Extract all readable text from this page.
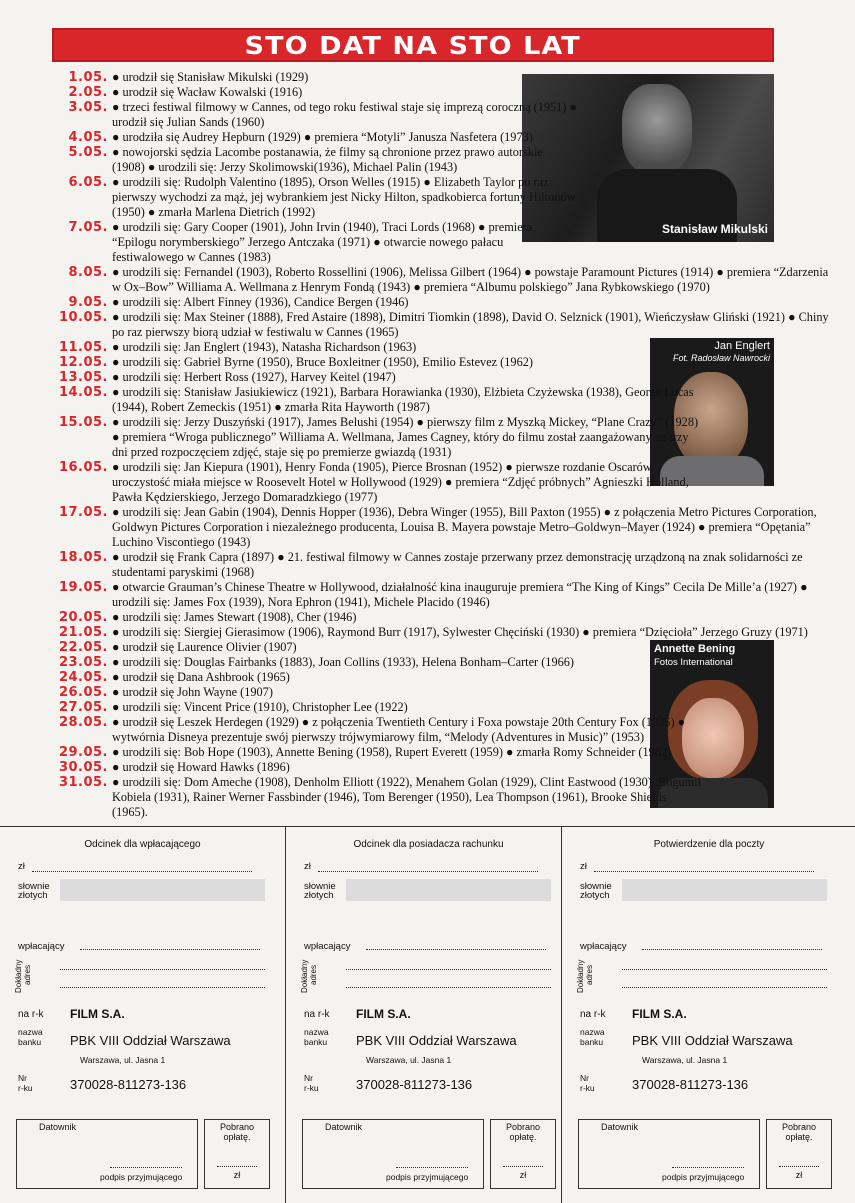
STO DAT NA STO LAT
Stanisław Mikulski
Jan Englert
Fot. Radosław Nawrocki
Annette Bening
Fotos International
1.05. ● urodził się Stanisław Mikulski (1929)
2.05. ● urodził się Wacław Kowalski (1916)
3.05. ● trzeci festiwal filmowy w Cannes, od tego roku festiwal staje się imprezą coroczną (1951) ● urodził się Julian Sands (1960)
4.05. ● urodziła się Audrey Hepburn (1929) ● premiera “Motyli” Janusza Nasfetera (1973)
5.05. ● nowojorski sędzia Lacombe postanawia, że filmy są chronione przez prawo autorskie (1908) ● urodzili się: Jerzy Skolimowski(1936), Michael Palin (1943)
6.05. ● urodzili się: Rudolph Valentino (1895), Orson Welles (1915) ● Elizabeth Taylor po raz pierwszy wychodzi za mąż, jej wybrankiem jest Nicky Hilton, spadkobierca fortuny Hiltonów (1950) ● zmarła Marlena Dietrich (1992)
7.05. ● urodzili się: Gary Cooper (1901), John Irvin (1940), Traci Lords (1968) ● premiera “Epilogu norymberskiego” Jerzego Antczaka (1971) ● otwarcie nowego pałacu festiwalowego w Cannes (1983)
8.05. ● urodzili się: Fernandel (1903), Roberto Rossellini (1906), Melissa Gilbert (1964) ● powstaje Paramount Pictures (1914) ● premiera “Zdarzenia w Ox–Bow” Williama A. Wellmana z Henrym Fondą (1943) ● premiera “Albumu polskiego” Jana Rybkowskiego (1970)
9.05. ● urodzili się: Albert Finney (1936), Candice Bergen (1946)
10.05. ● urodzili się: Max Steiner (1888), Fred Astaire (1898), Dimitri Tiomkin (1898), David O. Selznick (1901), Wieńczysław Gliński (1921) ● Chiny po raz pierwszy biorą udział w festiwalu w Cannes (1965)
11.05. ● urodzili się: Jan Englert (1943), Natasha Richardson (1963)
12.05. ● urodzili się: Gabriel Byrne (1950), Bruce Boxleitner (1950), Emilio Estevez (1962)
13.05. ● urodzili się: Herbert Ross (1927), Harvey Keitel (1947)
14.05. ● urodzili się: Stanisław Jasiukiewicz (1921), Barbara Horawianka (1930), Elżbieta Czyżewska (1938), George Lucas (1944), Robert Zemeckis (1951) ● zmarła Rita Hayworth (1987)
15.05. ● urodzili się: Jerzy Duszyński (1917), James Belushi (1954) ● pierwszy film z Myszką Mickey, “Plane Crazy” (1928) ● premiera “Wroga publicznego” Williama A. Wellmana, James Cagney, który do filmu został zaangażowany na trzy dni przed rozpoczęciem zdjęć, staje się po premierze gwiazdą (1931)
16.05. ● urodzili się: Jan Kiepura (1901), Henry Fonda (1905), Pierce Brosnan (1952) ● pierwsze rozdanie Oscarów, uroczystość miała miejsce w Roosevelt Hotel w Hollywood (1929) ● premiera “Zdjęć próbnych” Agnieszki Holland, Pawła Kędzierskiego, Jerzego Domaradzkiego (1977)
17.05. ● urodzili się: Jean Gabin (1904), Dennis Hopper (1936), Debra Winger (1955), Bill Paxton (1955) ● z połączenia Metro Pictures Corporation, Goldwyn Pictures Corporation i niezależnego producenta, Louisa B. Mayera powstaje Metro–Goldwyn–Mayer (1924) ● premiera “Opętania” Luchino Viscontiego (1943)
18.05. ● urodził się Frank Capra (1897) ● 21. festiwal filmowy w Cannes zostaje przerwany przez demonstrację urządzoną na znak solidarności ze studentami paryskimi (1968)
19.05. ● otwarcie Grauman’s Chinese Theatre w Hollywood, działalność kina inauguruje premiera “The King of Kings” Cecila De Mille’a (1927) ● urodzili się: James Fox (1939), Nora Ephron (1941), Michele Placido (1946)
20.05. ● urodzili się: James Stewart (1908), Cher (1946)
21.05. ● urodzili się: Siergiej Gierasimow (1906), Raymond Burr (1917), Sylwester Chęciński (1930) ● premiera “Dzięcioła” Jerzego Gruzy (1971)
22.05. ● urodził się Laurence Olivier (1907)
23.05. ● urodzili się: Douglas Fairbanks (1883), Joan Collins (1933), Helena Bonham–Carter (1966)
24.05. ● urodził się Dana Ashbrook (1965)
26.05. ● urodził się John Wayne (1907)
27.05. ● urodzili się: Vincent Price (1910), Christopher Lee (1922)
28.05. ● urodził się Leszek Herdegen (1929) ● z połączenia Twentieth Century i Foxa powstaje 20th Century Fox (1935) ● wytwórnia Disneya prezentuje swój pierwszy trójwymiarowy film, “Melody (Adventures in Music)” (1953)
29.05. ● urodzili się: Bob Hope (1903), Annette Bening (1958), Rupert Everett (1959) ● zmarła Romy Schneider (1982)
30.05. ● urodził się Howard Hawks (1896)
31.05. ● urodzili się: Dom Ameche (1908), Denholm Elliott (1922), Menahem Golan (1929), Clint Eastwood (1930), Bogumił Kobiela (1931), Rainer Werner Fassbinder (1946), Tom Berenger (1950), Lea Thompson (1961), Brooke Shields (1965).
Odcinek dla wpłacającego
zł
słownie
złotych
wpłacający
Dokładny adres
na r-k FILM S.A.
nazwa
banku PBK VIII Oddział Warszawa
Warszawa, ul. Jasna 1
Nr
r-ku	370028-811273-136
Datownik
podpis przyjmującego
Pobrano
opłatę.
zł
Odcinek dla posiadacza rachunku
zł
słownie
złotych
wpłacający
Dokładny adres
na r-k FILM S.A.
nazwa
banku PBK VIII Oddział Warszawa
Warszawa, ul. Jasna 1
Nr
r-ku	370028-811273-136
Datownik
podpis przyjmującego
Pobrano
opłatę.
zł
Potwierdzenie dla poczty
zł
słownie
złotych
wpłacający
Dokładny adres
na r-k FILM S.A.
nazwa
banku PBK VIII Oddział Warszawa
Warszawa, ul. Jasna 1
Nr
r-ku	370028-811273-136
Datownik
podpis przyjmującego
Pobrano
opłatę.
zł
